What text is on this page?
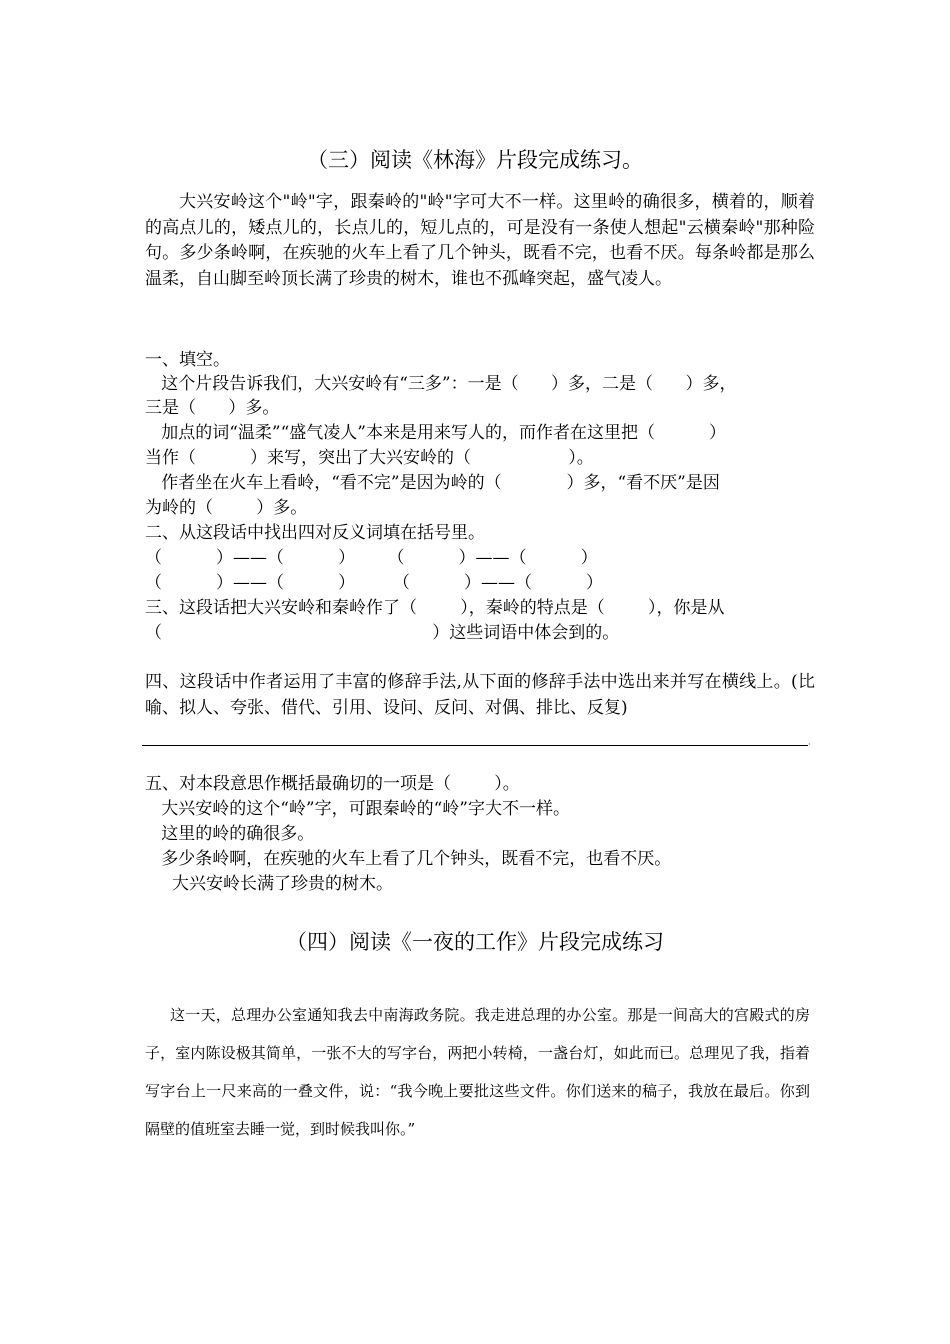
（三）阅读《林海》片段完成练习。

大兴安岭这个"岭"字，跟秦岭的"岭"字可大不一样。这里岭的确很多，横着的，顺着的高点儿的，矮点儿的，长点儿的，短儿点的，可是没有一条使人想起"云横秦岭"那种险句。多少条岭啊，在疾驰的火车上看了几个钟头，既看不完，也看不厌。每条岭都是那么温柔，自山脚至岭顶长满了珍贵的树木，谁也不孤峰突起，盛气凌人。

一、填空。
这个片段告诉我们，大兴安岭有“三多”：一是（      ）多，二是（      ）多，
三是（      ）多。
加点的词“温柔”“盛气凌人”本来是用来写人的，而作者在这里把（          ）
当作（          ）来写，突出了大兴安岭的（                  ）。
作者坐在火车上看岭，“看不完”是因为岭的（            ）多，“看不厌”是因
为岭的（        ）多。
二、从这段话中找出四对反义词填在括号里。
（          ）——（          ）      （          ）——（          ）
（          ）——（          ）       （          ）——（          ）
三、这段话把大兴安岭和秦岭作了（        ），秦岭的特点是（        ），你是从
（                                                  ）这些词语中体会到的。

四、这段话中作者运用了丰富的修辞手法,从下面的修辞手法中选出来并写在横线上。(比喻、拟人、夸张、借代、引用、设问、反问、对偶、排比、反复)

·
五、对本段意思作概括最确切的一项是（        ）。
大兴安岭的这个“岭”字，可跟秦岭的“岭”字大不一样。
这里的岭的确很多。
多少条岭啊，在疾驰的火车上看了几个钟头，既看不完，也看不厌。
大兴安岭长满了珍贵的树木。
（四）阅读《一夜的工作》片段完成练习

这一天，总理办公室通知我去中南海政务院。我走进总理的办公室。那是一间高大的宫殿式的房子，室内陈设极其简单，一张不大的写字台，两把小转椅，一盏台灯，如此而已。总理见了我，指着写字台上一尺来高的一叠文件，说：“我今晚上要批这些文件。你们送来的稿子，我放在最后。你到隔壁的值班室去睡一觉，到时候我叫你。”
